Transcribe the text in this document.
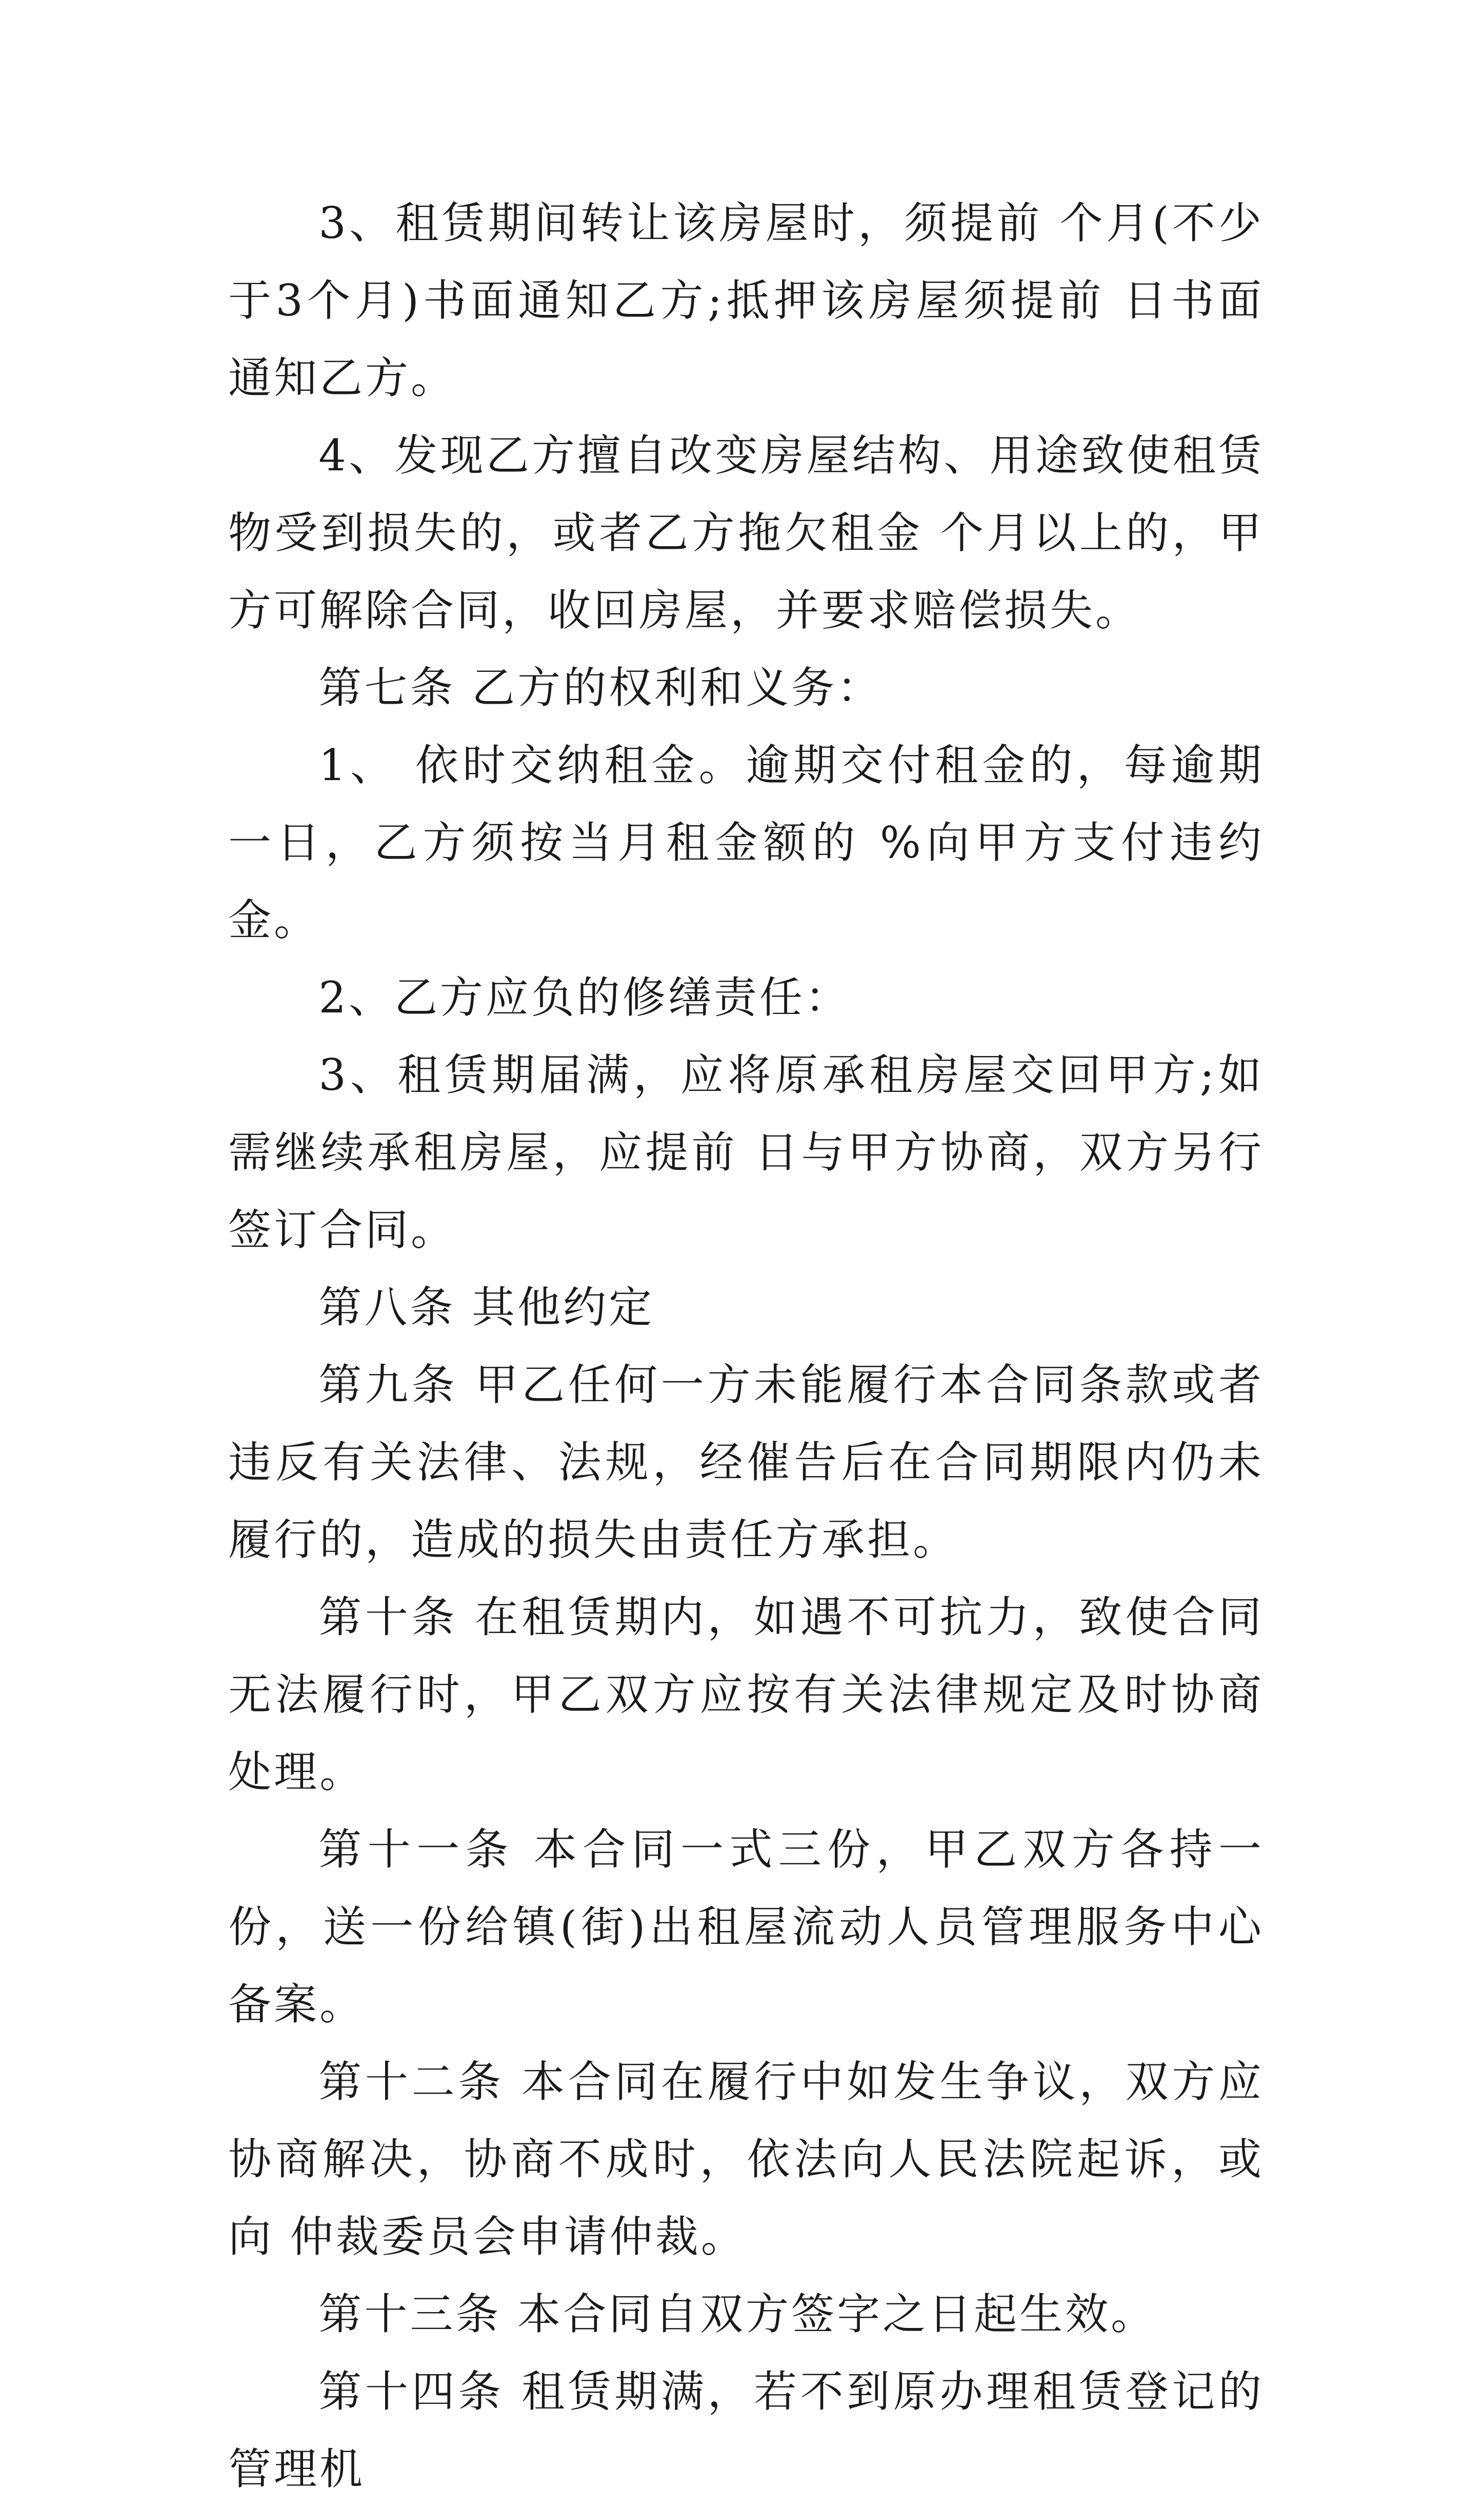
3、租赁期间转让该房屋时，须提前 个月(不少于3个月)书面通知乙方;抵押该房屋须提前 日书面通知乙方。

4、发现乙方擅自改变房屋结构、用途致使租赁物受到损失的，或者乙方拖欠租金 个月以上的，甲方可解除合同，收回房屋，并要求赔偿损失。

第七条 乙方的权利和义务：

1、 依时交纳租金。逾期交付租金的，每逾期一日，乙方须按当月租金额的 %向甲方支付违约金。

2、乙方应负的修缮责任：

3、租赁期届满，应将原承租房屋交回甲方;如需继续承租房屋，应提前 日与甲方协商，双方另行签订合同。

第八条 其他约定

第九条 甲乙任何一方未能履行本合同条款或者违反有关法律、法规，经催告后在合同期限内仍未履行的，造成的损失由责任方承担。

第十条 在租赁期内，如遇不可抗力，致使合同无法履行时，甲乙双方应按有关法律规定及时协商处理。

第十一条 本合同一式三份，甲乙双方各持一份，送一份给镇(街)出租屋流动人员管理服务中心备案。

第十二条 本合同在履行中如发生争议，双方应协商解决，协商不成时，依法向人民法院起诉，或向 仲裁委员会申请仲裁。

第十三条 本合同自双方签字之日起生效。

第十四条 租赁期满，若不到原办理租赁登记的管理机
